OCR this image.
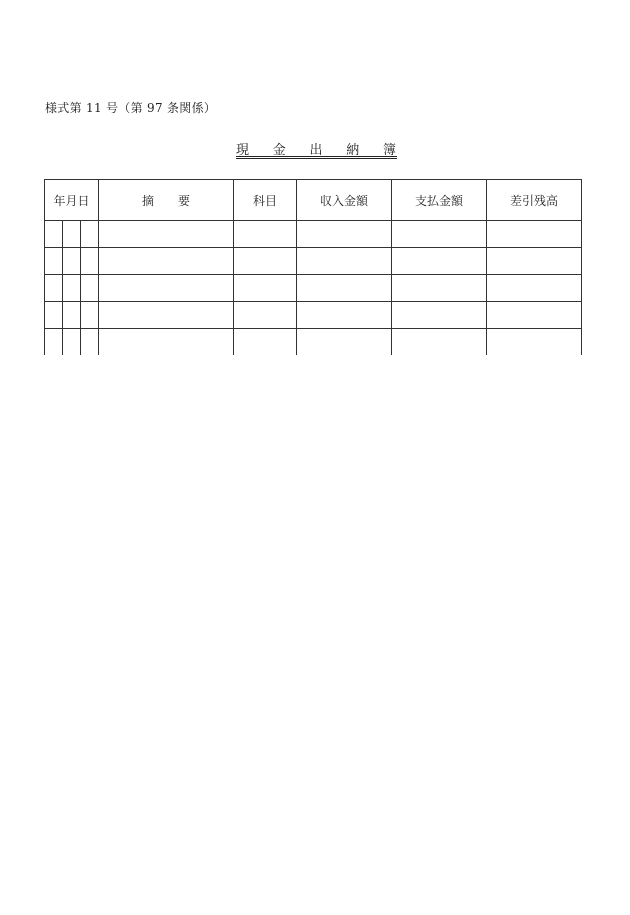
様式第 11 号（第 97 条関係）
現 金 出 納 簿
年月日			摘　　要	科目	収入金額	支払金額	差引残高
